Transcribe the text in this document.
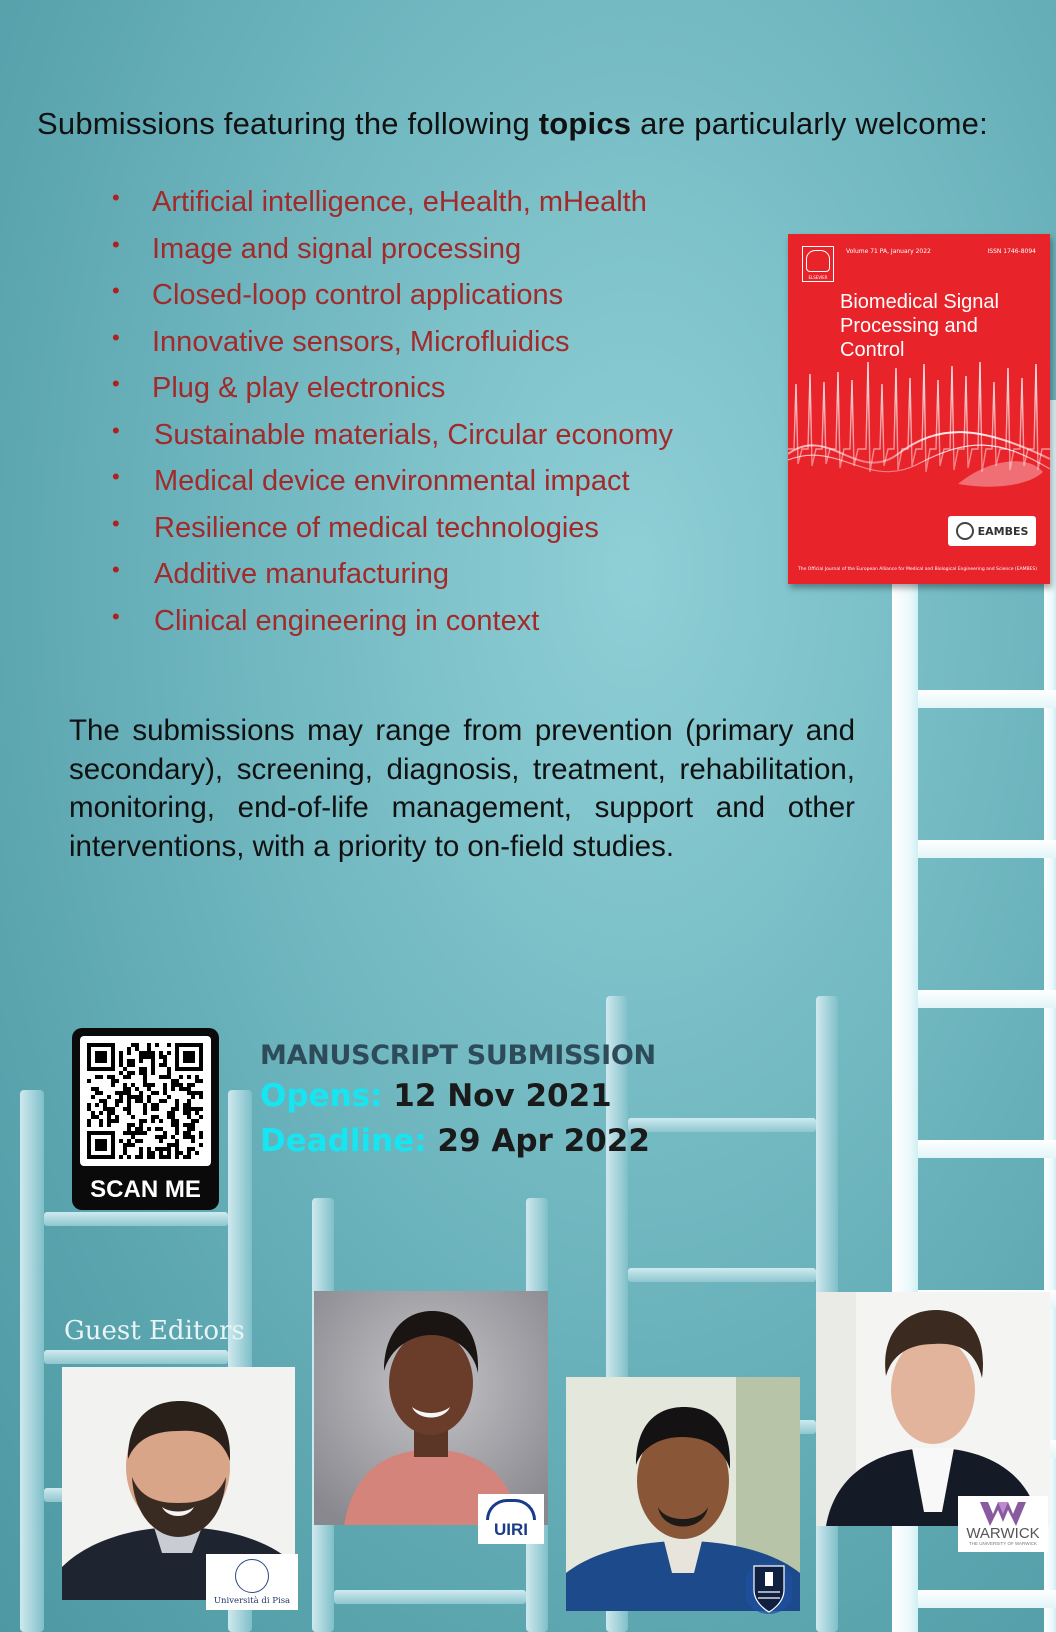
Submissions featuring the following topics are particularly welcome:
• Artificial intelligence, eHealth, mHealth
• Image and signal processing
• Closed-loop control applications
• Innovative sensors, Microfluidics
• Plug & play electronics
• Sustainable materials, Circular economy
• Medical device environmental impact
• Resilience of medical technologies
• Additive manufacturing
• Clinical engineering in context
ELSEVIER
Volume 71 PA, January 2022	ISSN 1746-8094
Biomedical Signal Processing and Control
EAMBES
The Official Journal of the European Alliance for Medical and Biological Engineering and Science (EAMBES)
The submissions may range from prevention (primary and secondary), screening, diagnosis, treatment, rehabilitation, monitoring, end-of-life management, support and other interventions, with a priority to on-field studies.
SCAN ME
MANUSCRIPT SUBMISSION
Opens: 12 Nov 2021
Deadline: 29 Apr 2022
Guest Editors
Università di Pisa
UIRI	WARWICK
THE UNIVERSITY OF WARWICK
